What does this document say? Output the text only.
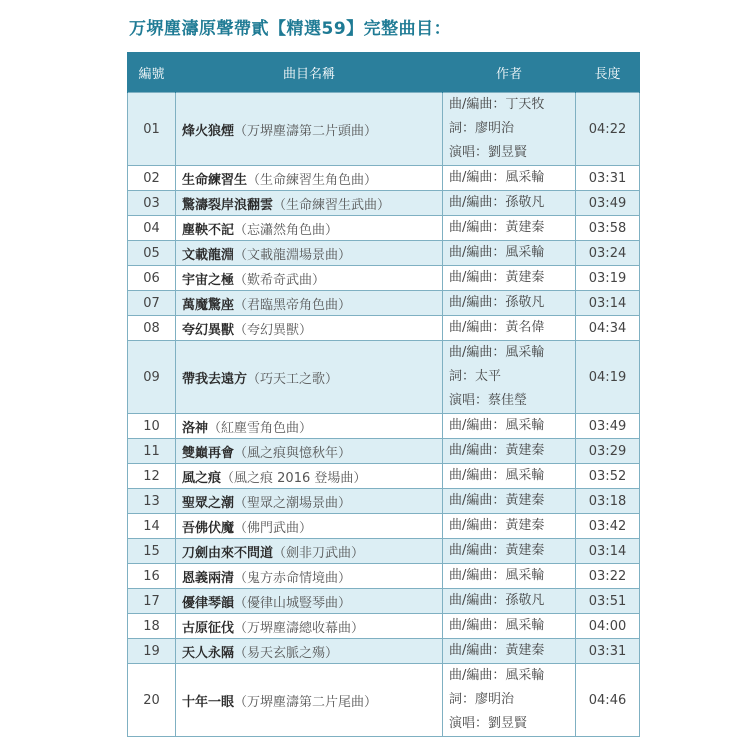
万堺塵濤原聲帶貳【精選59】完整曲目：
編號	曲目名稱	作者	長度
01	烽火狼煙（万堺塵濤第二片頭曲）	曲/編曲：丁天牧
詞：廖明治
演唱：劉昱賢	04:22
02	生命練習生（生命練習生角色曲）	曲/編曲：風采輪	03:31
03	驚濤裂岸浪翻雲（生命練習生武曲）	曲/編曲：孫敬凡	03:49
04	塵鞅不記（忘瀟然角色曲）	曲/編曲：黃建秦	03:58
05	文載龍淵（文載龍淵場景曲）	曲/編曲：風采輪	03:24
06	宇宙之極（歎希奇武曲）	曲/編曲：黃建秦	03:19
07	萬魔驚座（君臨黑帝角色曲）	曲/編曲：孫敬凡	03:14
08	夸幻異獸（夸幻異獸）	曲/編曲：黃名偉	04:34
09	帶我去遠方（巧天工之歌）	曲/編曲：風采輪
詞：太平
演唱：蔡佳瑩	04:19
10	洛神（紅塵雪角色曲）	曲/編曲：風采輪	03:49
11	雙巔再會（風之痕與憶秋年）	曲/編曲：黃建秦	03:29
12	風之痕（風之痕 2016 登場曲）	曲/編曲：風采輪	03:52
13	聖眾之潮（聖眾之潮場景曲）	曲/編曲：黃建秦	03:18
14	吾佛伏魔（佛門武曲）	曲/編曲：黃建秦	03:42
15	刀劍由來不問道（劍非刀武曲）	曲/編曲：黃建秦	03:14
16	恩義兩清（鬼方赤命情境曲）	曲/編曲：風采輪	03:22
17	優律琴韻（優律山城豎琴曲）	曲/編曲：孫敬凡	03:51
18	古原征伐（万堺塵濤總收幕曲）	曲/編曲：風采輪	04:00
19	天人永隔（易天玄脈之殤）	曲/編曲：黃建秦	03:31
20	十年一眼（万堺塵濤第二片尾曲）	曲/編曲：風采輪
詞：廖明治
演唱：劉昱賢	04:46
